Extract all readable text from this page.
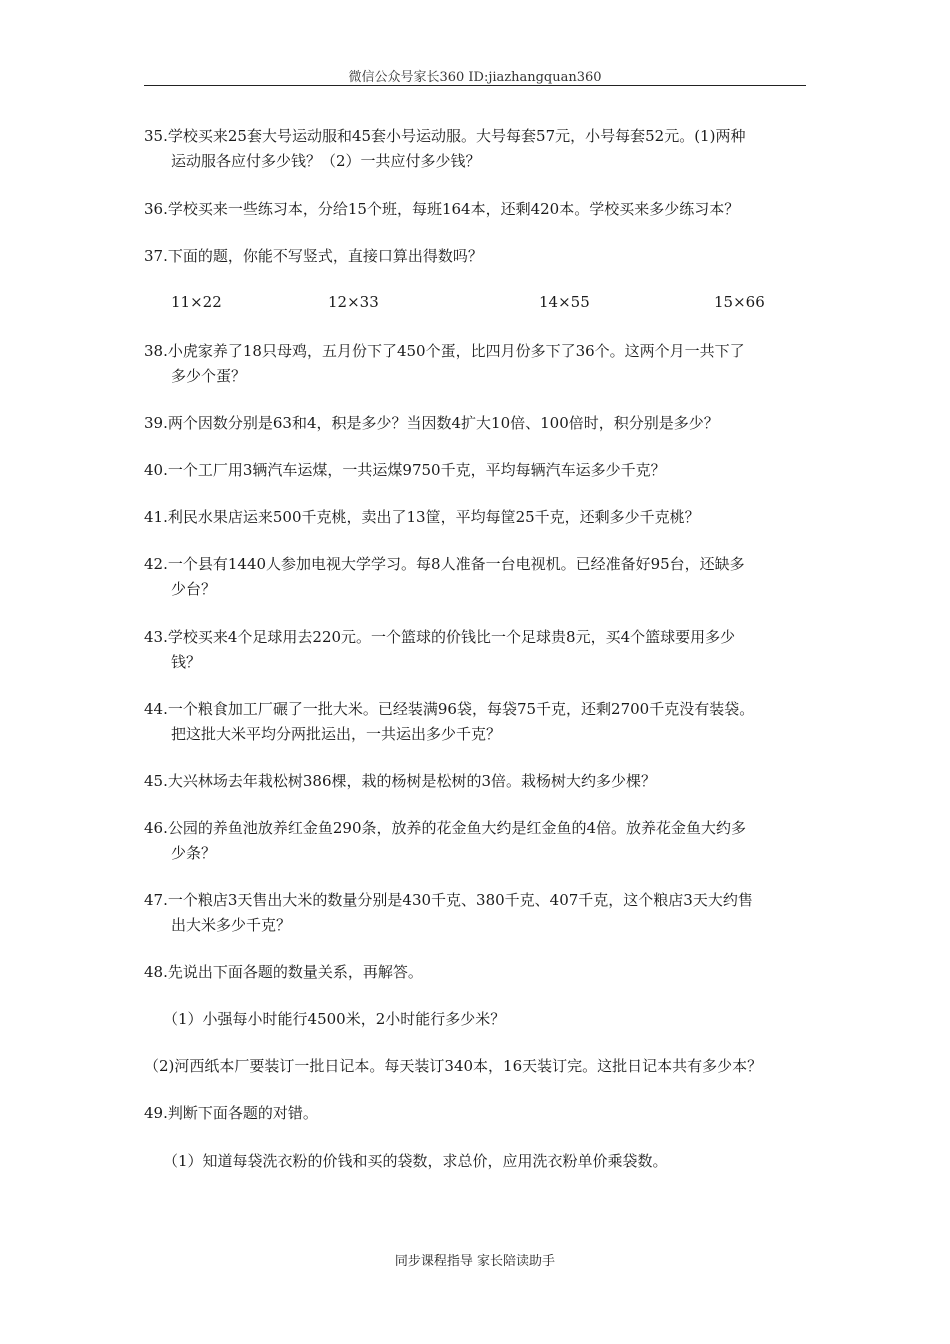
微信公众号家长360 ID:jiazhangquan360
35.学校买来25套大号运动服和45套小号运动服。大号每套57元，小号每套52元。(1)两种
运动服各应付多少钱？（2）一共应付多少钱？
36.学校买来一些练习本，分给15个班，每班164本，还剩420本。学校买来多少练习本？
37.下面的题，你能不写竖式，直接口算出得数吗？
11×22	12×33	14×55	15×66
38.小虎家养了18只母鸡，五月份下了450个蛋，比四月份多下了36个。这两个月一共下了
多少个蛋？
39.两个因数分别是63和4，积是多少？当因数4扩大10倍、100倍时，积分别是多少？
40.一个工厂用3辆汽车运煤，一共运煤9750千克，平均每辆汽车运多少千克？
41.利民水果店运来500千克桃，卖出了13筐，平均每筐25千克，还剩多少千克桃？
42.一个县有1440人参加电视大学学习。每8人准备一台电视机。已经准备好95台，还缺多
少台？
43.学校买来4个足球用去220元。一个篮球的价钱比一个足球贵8元，买4个篮球要用多少
钱？
44.一个粮食加工厂碾了一批大米。已经装满96袋，每袋75千克，还剩2700千克没有装袋。
把这批大米平均分两批运出，一共运出多少千克？
45.大兴林场去年栽松树386棵，栽的杨树是松树的3倍。栽杨树大约多少棵？
46.公园的养鱼池放养红金鱼290条，放养的花金鱼大约是红金鱼的4倍。放养花金鱼大约多
少条？
47.一个粮店3天售出大米的数量分别是430千克、380千克、407千克，这个粮店3天大约售
出大米多少千克？
48.先说出下面各题的数量关系，再解答。
（1）小强每小时能行4500米，2小时能行多少米？
（2)河西纸本厂要装订一批日记本。每天装订340本，16天装订完。这批日记本共有多少本？
49.判断下面各题的对错。
（1）知道每袋洗衣粉的价钱和买的袋数，求总价，应用洗衣粉单价乘袋数。
同步课程指导 家长陪读助手
